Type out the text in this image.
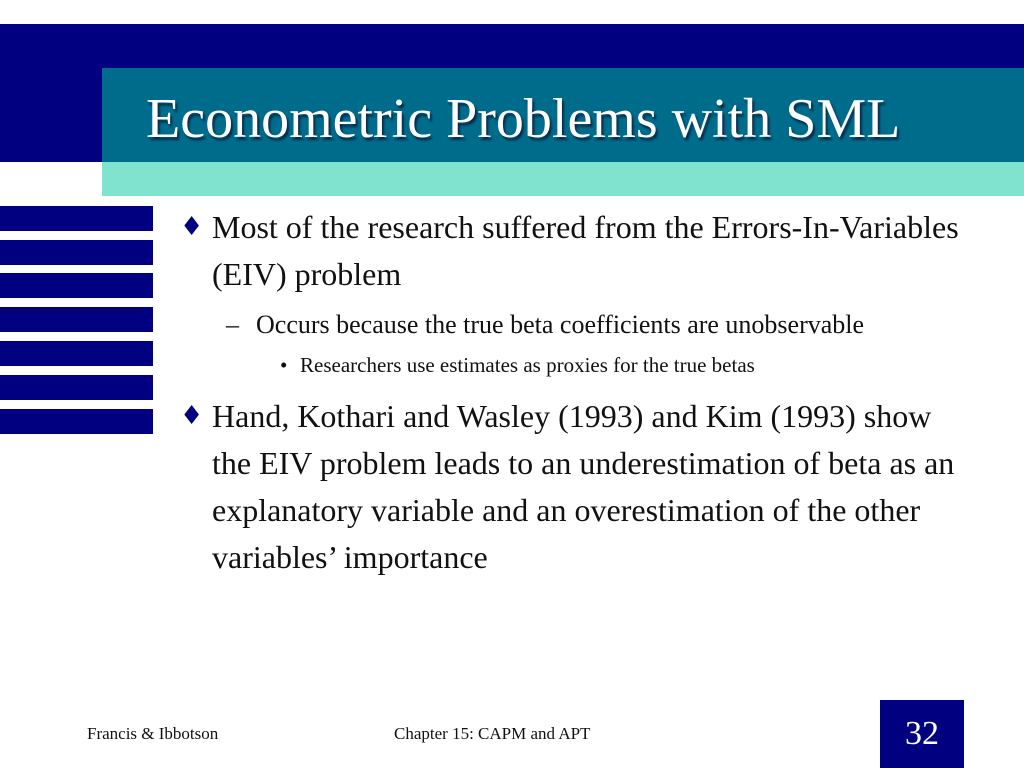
Econometric Problems with SML

♦ Most of the research suffered from the Errors-In-Variables (EIV) problem

– Occurs because the true beta coefficients are unobservable

• Researchers use estimates as proxies for the true betas

♦ Hand, Kothari and Wasley (1993) and Kim (1993) show the EIV problem leads to an underestimation of beta as an explanatory variable and an overestimation of the other variables’ importance

Francis & Ibbotson	Chapter 15: CAPM and APT	32
